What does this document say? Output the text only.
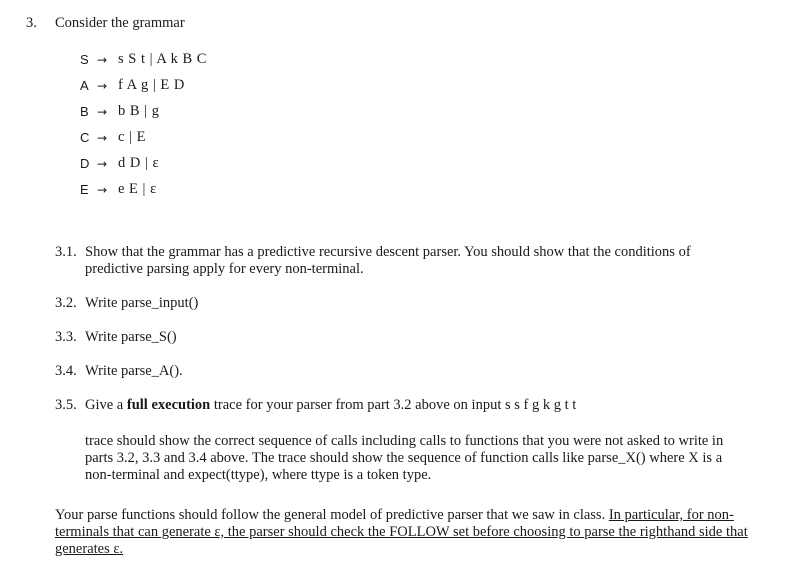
3. Consider the grammar
S → s S t | A k B C
A → f A g | E D
B → b B | g
C → c | E
D → d D | ε
E → e E | ε
3.1. Show that the grammar has a predictive recursive descent parser. You should show that the conditions of predictive parsing apply for every non-terminal.
3.2. Write parse_input()
3.3. Write parse_S()
3.4. Write parse_A().
3.5. Give a full execution trace for your parser from part 3.2 above on input s s f g k g t t
trace should show the correct sequence of calls including calls to functions that you were not asked to write in parts 3.2, 3.3 and 3.4 above. The trace should show the sequence of function calls like parse_X() where X is a non-terminal and expect(ttype), where ttype is a token type.
Your parse functions should follow the general model of predictive parser that we saw in class. In particular, for non-terminals that can generate ε, the parser should check the FOLLOW set before choosing to parse the righthand side that generates ε.
